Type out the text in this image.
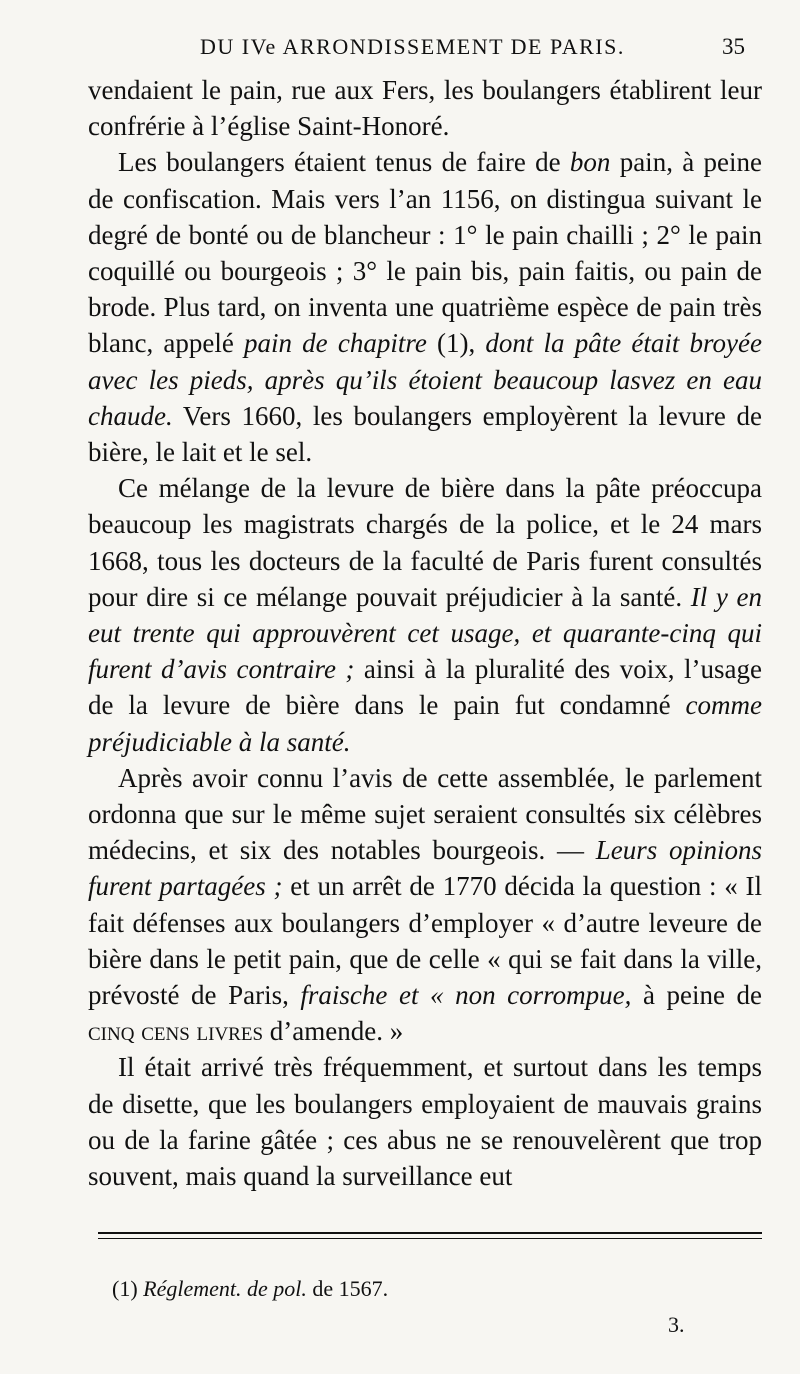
DU IVe ARRONDISSEMENT DE PARIS.	35

vendaient le pain, rue aux Fers, les boulangers établirent leur confrérie à l’église Saint-Honoré.

Les boulangers étaient tenus de faire de bon pain, à peine de confiscation. Mais vers l’an 1156, on distingua suivant le degré de bonté ou de blancheur : 1° le pain chailli ; 2° le pain coquillé ou bourgeois ; 3° le pain bis, pain faitis, ou pain de brode. Plus tard, on inventa une quatrième espèce de pain très blanc, appelé pain de chapitre (1), dont la pâte était broyée avec les pieds, après qu’ils étoient beaucoup lasvez en eau chaude. Vers 1660, les boulangers employèrent la levure de bière, le lait et le sel.

Ce mélange de la levure de bière dans la pâte préoccupa beaucoup les magistrats chargés de la police, et le 24 mars 1668, tous les docteurs de la faculté de Paris furent consultés pour dire si ce mélange pouvait préjudicier à la santé. Il y en eut trente qui approuvèrent cet usage, et quarante-cinq qui furent d’avis contraire ; ainsi à la pluralité des voix, l’usage de la levure de bière dans le pain fut condamné comme préjudiciable à la santé.

Après avoir connu l’avis de cette assemblée, le parlement ordonna que sur le même sujet seraient consultés six célèbres médecins, et six des notables bourgeois. — Leurs opinions furent partagées ; et un arrêt de 1770 décida la question : « Il fait défenses aux boulangers d’employer « d’autre leveure de bière dans le petit pain, que de celle « qui se fait dans la ville, prévosté de Paris, fraische et « non corrompue, à peine de cinq cens livres d’amende. »

Il était arrivé très fréquemment, et surtout dans les temps de disette, que les boulangers employaient de mauvais grains ou de la farine gâtée ; ces abus ne se renouvelèrent que trop souvent, mais quand la surveillance eut

(1) Réglement. de pol. de 1567.
3.
